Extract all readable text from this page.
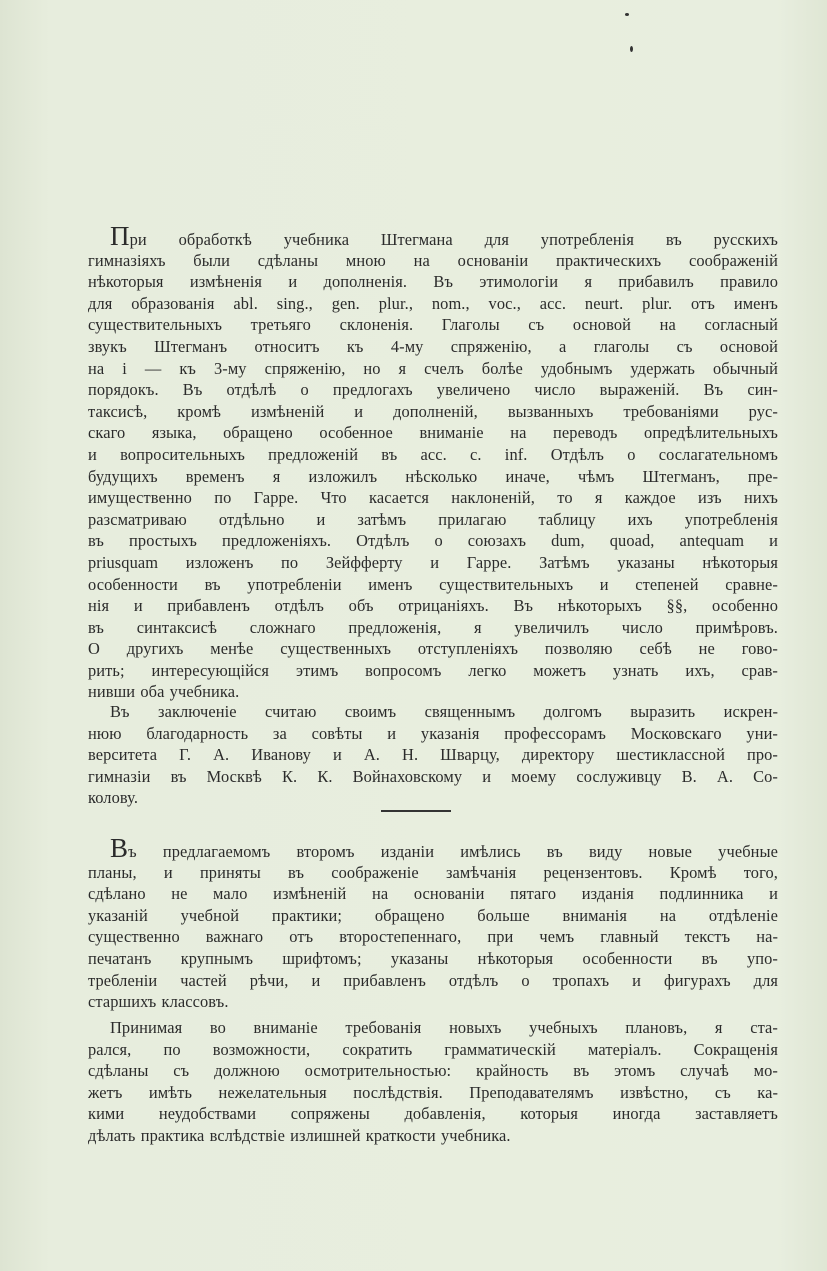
При обработкѣ учебника Штегмана для употребленія въ русскихъ
гимназіяхъ были сдѣланы мною на основаніи практическихъ соображеній
нѣкоторыя измѣненія и дополненія. Въ этимологіи я прибавилъ правило
для образованія abl. sing., gen. plur., nom., voc., acc. neurt. plur. отъ именъ
существительныхъ третьяго склоненія. Глаголы съ основой на согласный
звукъ Штегманъ относитъ къ 4-му спряженію, а глаголы съ основой
на i — къ 3-му спряженію, но я счелъ болѣе удобнымъ удержать обычный
порядокъ. Въ отдѣлѣ о предлогахъ увеличено число выраженій. Въ син-
таксисѣ, кромѣ измѣненій и дополненій, вызванныхъ требованіями рус-
скаго языка, обращено особенное вниманіе на переводъ опредѣлительныхъ
и вопросительныхъ предложеній въ acc. c. inf. Отдѣлъ о сослагательномъ
будущихъ временъ я изложилъ нѣсколько иначе, чѣмъ Штегманъ, пре-
имущественно по Гарре. Что касается наклоненій, то я каждое изъ нихъ
разсматриваю отдѣльно и затѣмъ прилагаю таблицу ихъ употребленія
въ простыхъ предложеніяхъ. Отдѣлъ о союзахъ dum, quoad, antequam и
priusquam изложенъ по Зейфферту и Гарре. Затѣмъ указаны нѣкоторыя
особенности въ употребленіи именъ существительныхъ и степеней сравне-
нія и прибавленъ отдѣлъ объ отрицаніяхъ. Въ нѣкоторыхъ §§, особенно
въ синтаксисѣ сложнаго предложенія, я увеличилъ число примѣровъ.
О другихъ менѣе существенныхъ отступленіяхъ позволяю себѣ не гово-
рить; интересующійся этимъ вопросомъ легко можетъ узнать ихъ, срав-
нивши оба учебника.
Въ заключеніе считаю своимъ священнымъ долгомъ выразить искрен-
нюю благодарность за совѣты и указанія профессорамъ Московскаго уни-
верситета Г. А. Иванову и А. Н. Шварцу, директору шестиклассной про-
гимназіи въ Москвѣ К. К. Войнаховскому и моему сослуживцу В. А. Со-
колову.
Въ предлагаемомъ второмъ изданіи имѣлись въ виду новые учебные
планы, и приняты въ соображеніе замѣчанія рецензентовъ. Кромѣ того,
сдѣлано не мало измѣненій на основаніи пятаго изданія подлинника и
указаній учебной практики; обращено больше вниманія на отдѣленіе
существенно важнаго отъ второстепеннаго, при чемъ главный текстъ на-
печатанъ крупнымъ шрифтомъ; указаны нѣкоторыя особенности въ упо-
требленіи частей рѣчи, и прибавленъ отдѣлъ о тропахъ и фигурахъ для
старшихъ классовъ.
Принимая во вниманіе требованія новыхъ учебныхъ плановъ, я ста-
рался, по возможности, сократить грамматическій матеріалъ. Сокращенія
сдѣланы съ должною осмотрительностью: крайность въ этомъ случаѣ мо-
жетъ имѣть нежелательныя послѣдствія. Преподавателямъ извѣстно, съ ка-
кими неудобствами сопряжены добавленія, которыя иногда заставляетъ
дѣлать практика вслѣдствіе излишней краткости учебника.
